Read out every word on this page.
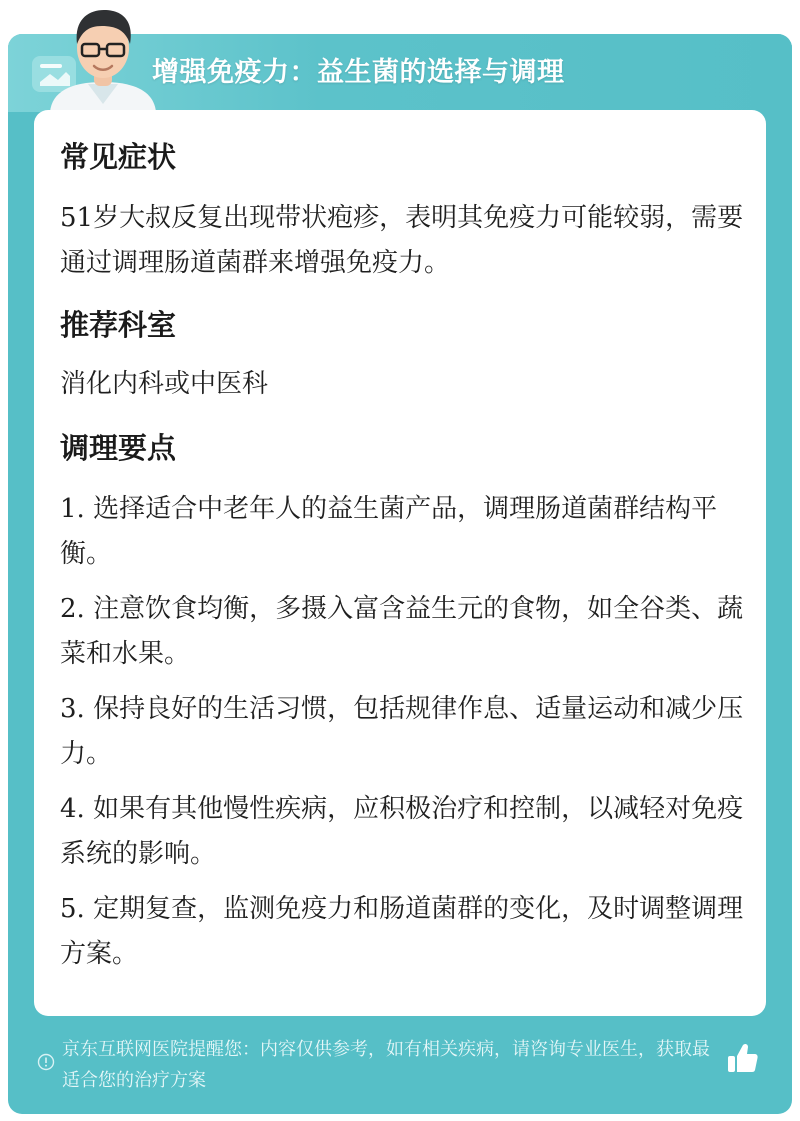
增强免疫力：益生菌的选择与调理
常见症状

51岁大叔反复出现带状疱疹，表明其免疫力可能较弱，需要通过调理肠道菌群来增强免疫力。

推荐科室

消化内科或中医科

调理要点

1. 选择适合中老年人的益生菌产品，调理肠道菌群结构平衡。

2. 注意饮食均衡，多摄入富含益生元的食物，如全谷类、蔬菜和水果。

3. 保持良好的生活习惯，包括规律作息、适量运动和减少压力。

4. 如果有其他慢性疾病，应积极治疗和控制，以减轻对免疫系统的影响。

5. 定期复查，监测免疫力和肠道菌群的变化，及时调整调理方案。

京东互联网医院提醒您：内容仅供参考，如有相关疾病，请咨询专业医生，获取最适合您的治疗方案
